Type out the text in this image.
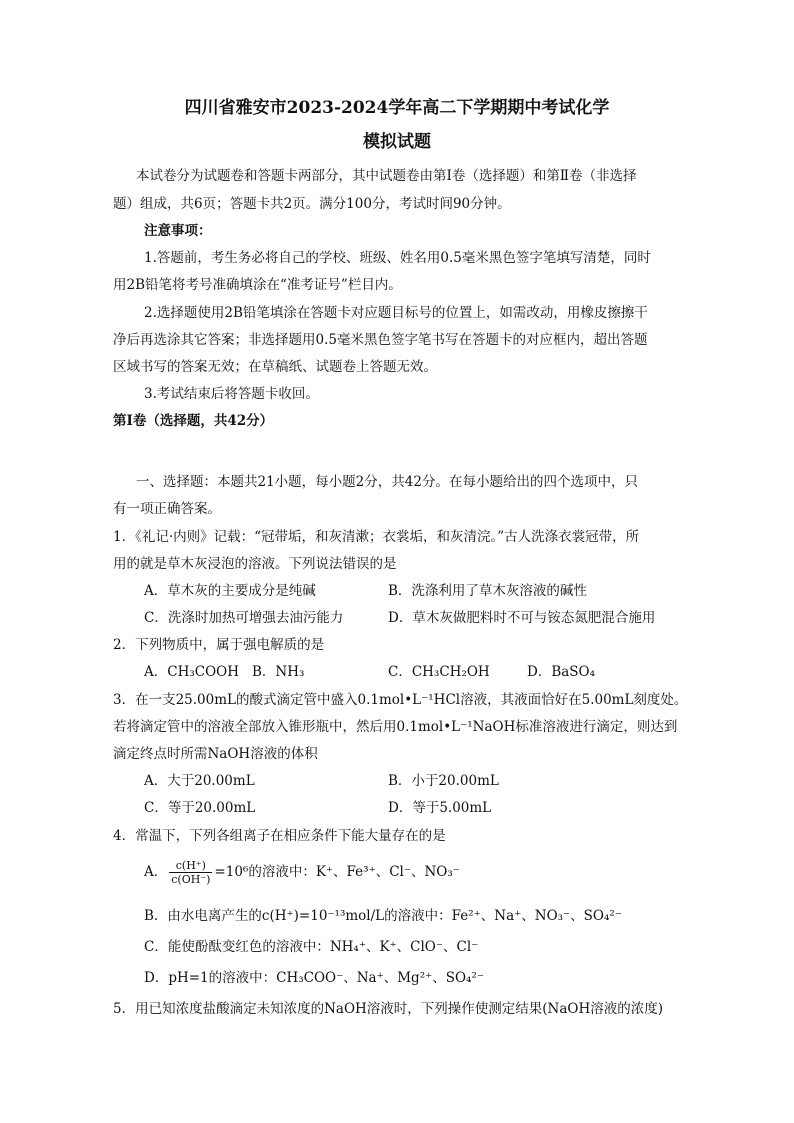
四川省雅安市2023-2024学年高二下学期期中考试化学
模拟试题
本试卷分为试题卷和答题卡两部分，其中试题卷由第Ⅰ卷（选择题）和第Ⅱ卷（非选择
题）组成，共6页；答题卡共2页。满分100分，考试时间90分钟。
注意事项：
1.答题前，考生务必将自己的学校、班级、姓名用0.5毫米黑色签字笔填写清楚，同时
用2B铅笔将考号准确填涂在“准考证号”栏目内。
2.选择题使用2B铅笔填涂在答题卡对应题目标号的位置上，如需改动，用橡皮擦擦干
净后再选涂其它答案；非选择题用0.5毫米黑色签字笔书写在答题卡的对应框内，超出答题
区域书写的答案无效；在草稿纸、试题卷上答题无效。
3.考试结束后将答题卡收回。
第Ⅰ卷（选择题，共42分）
一、选择题：本题共21小题，每小题2分，共42分。在每小题给出的四个选项中，只
有一项正确答案。
1．《礼记·内则》记载：“冠带垢，和灰清漱；衣裳垢，和灰清浣。”古人洗涤衣裳冠带，所
用的就是草木灰浸泡的溶液。下列说法错误的是
A．草木灰的主要成分是纯碱	B．洗涤利用了草木灰溶液的碱性
C．洗涤时加热可增强去油污能力	D．草木灰做肥料时不可与铵态氮肥混合施用
2．下列物质中，属于强电解质的是
A．CH₃COOH B．NH₃	C．CH₃CH₂OH	D．BaSO₄
3．在一支25.00mL的酸式滴定管中盛入0.1mol•L⁻¹HCl溶液，其液面恰好在5.00mL刻度处。
若将滴定管中的溶液全部放入锥形瓶中，然后用0.1mol•L⁻¹NaOH标准溶液进行滴定，则达到
滴定终点时所需NaOH溶液的体积
A．大于20.00mL	B．小于20.00mL
C．等于20.00mL	D．等于5.00mL
4．常温下，下列各组离子在相应条件下能大量存在的是
A． $\frac{c(H^+)}{c(OH^-)} =10^6$的溶液中：K⁺、Fe³⁺、Cl⁻、NO₃⁻
B．由水电离产生的c(H⁺)=10⁻¹³mol/L的溶液中：Fe²⁺、Na⁺、NO₃⁻、SO₄²⁻
C．能使酚酞变红色的溶液中：NH₄⁺、K⁺、ClO⁻、Cl⁻
D．pH=1的溶液中：CH₃COO⁻、Na⁺、Mg²⁺、SO₄²⁻
5．用已知浓度盐酸滴定未知浓度的NaOH溶液时，下列操作使测定结果(NaOH溶液的浓度)
